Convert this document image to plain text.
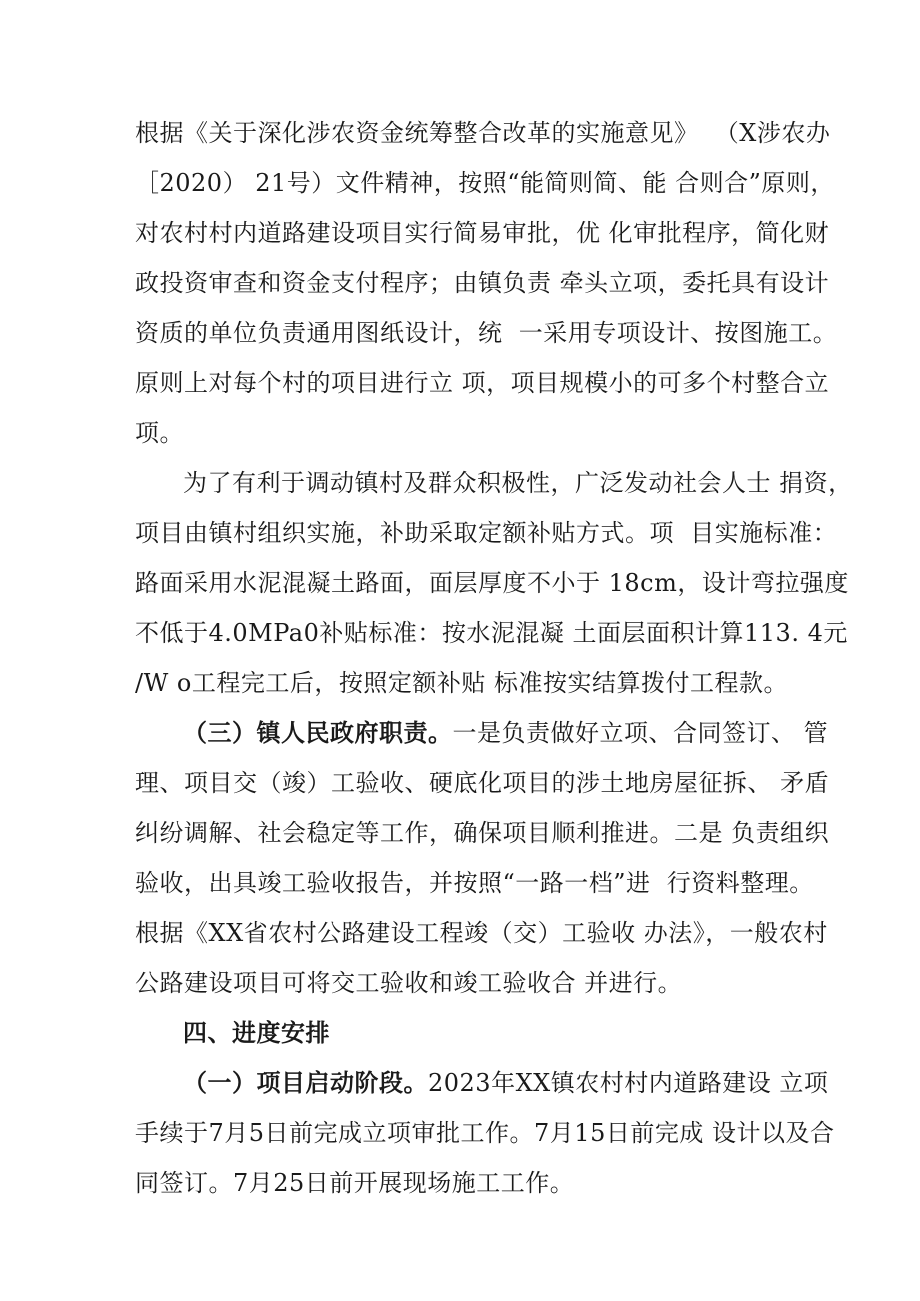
根据《关于深化涉农资金统筹整合改革的实施意见》  （X涉农办
［2020） 21号）文件精神，按照“能简则简、能 合则合”原则，
对农村村内道路建设项目实行简易审批，优 化审批程序，简化财
政投资审查和资金支付程序；由镇负责 牵头立项，委托具有设计
资质的单位负责通用图纸设计，统  一采用专项设计、按图施工。
原则上对每个村的项目进行立 项，项目规模小的可多个村整合立
项。
为了有利于调动镇村及群众积极性，广泛发动社会人士 捐资，
项目由镇村组织实施，补助采取定额补贴方式。项  目实施标准：
路面采用水泥混凝土路面，面层厚度不小于 18cm，设计弯拉强度
不低于4.0MPa0补贴标准：按水泥混凝 土面层面积计算113. 4元
/W o工程完工后，按照定额补贴 标准按实结算拨付工程款。
（三）镇人民政府职责。一是负责做好立项、合同签订、 管
理、项目交（竣）工验收、硬底化项目的涉土地房屋征拆、 矛盾
纠纷调解、社会稳定等工作，确保项目顺利推进。二是 负责组织
验收，出具竣工验收报告，并按照“一路一档”进  行资料整理。
根据《XX省农村公路建设工程竣（交）工验收 办法》，一般农村
公路建设项目可将交工验收和竣工验收合 并进行。
四、进度安排
（一）项目启动阶段。2023年XX镇农村村内道路建设 立项
手续于7月5日前完成立项审批工作。7月15日前完成 设计以及合
同签订。7月25日前开展现场施工工作。
